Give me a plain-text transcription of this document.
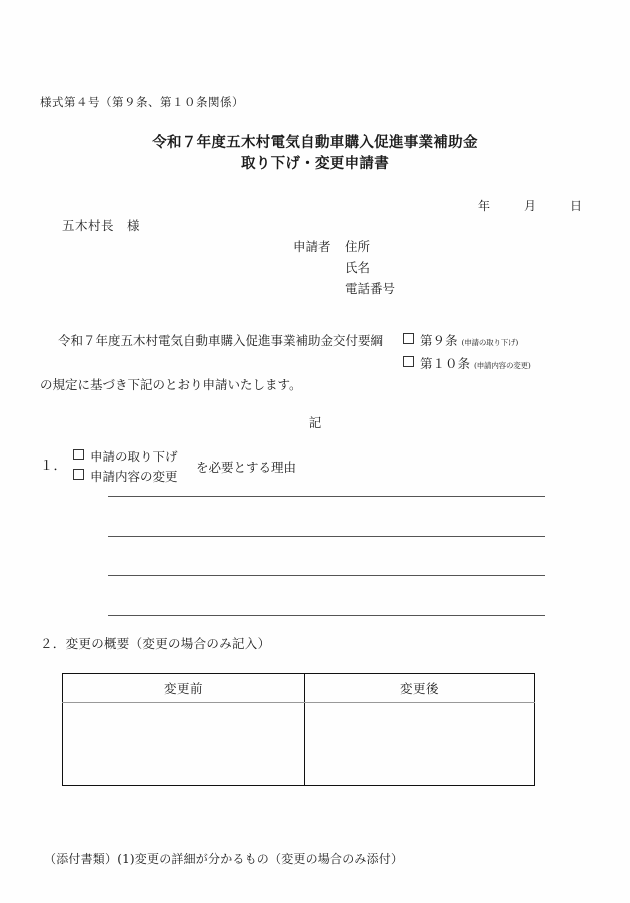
様式第４号（第９条、第１０条関係）
令和７年度五木村電気自動車購入促進事業補助金
取り下げ・変更申請書
年	月	日
五木村長　様
申請者 住所
氏名
電話番号
令和７年度五木村電気自動車購入促進事業補助金交付要綱	第９条 (申請の取り下げ)
第１０条 (申請内容の変更)
の規定に基づき下記のとおり申請いたします。
記
１．
申請の取り下げ
申請内容の変更
を必要とする理由
２．変更の概要（変更の場合のみ記入）
変更前	変更後

（添付書類）(1)変更の詳細が分かるもの（変更の場合のみ添付）
